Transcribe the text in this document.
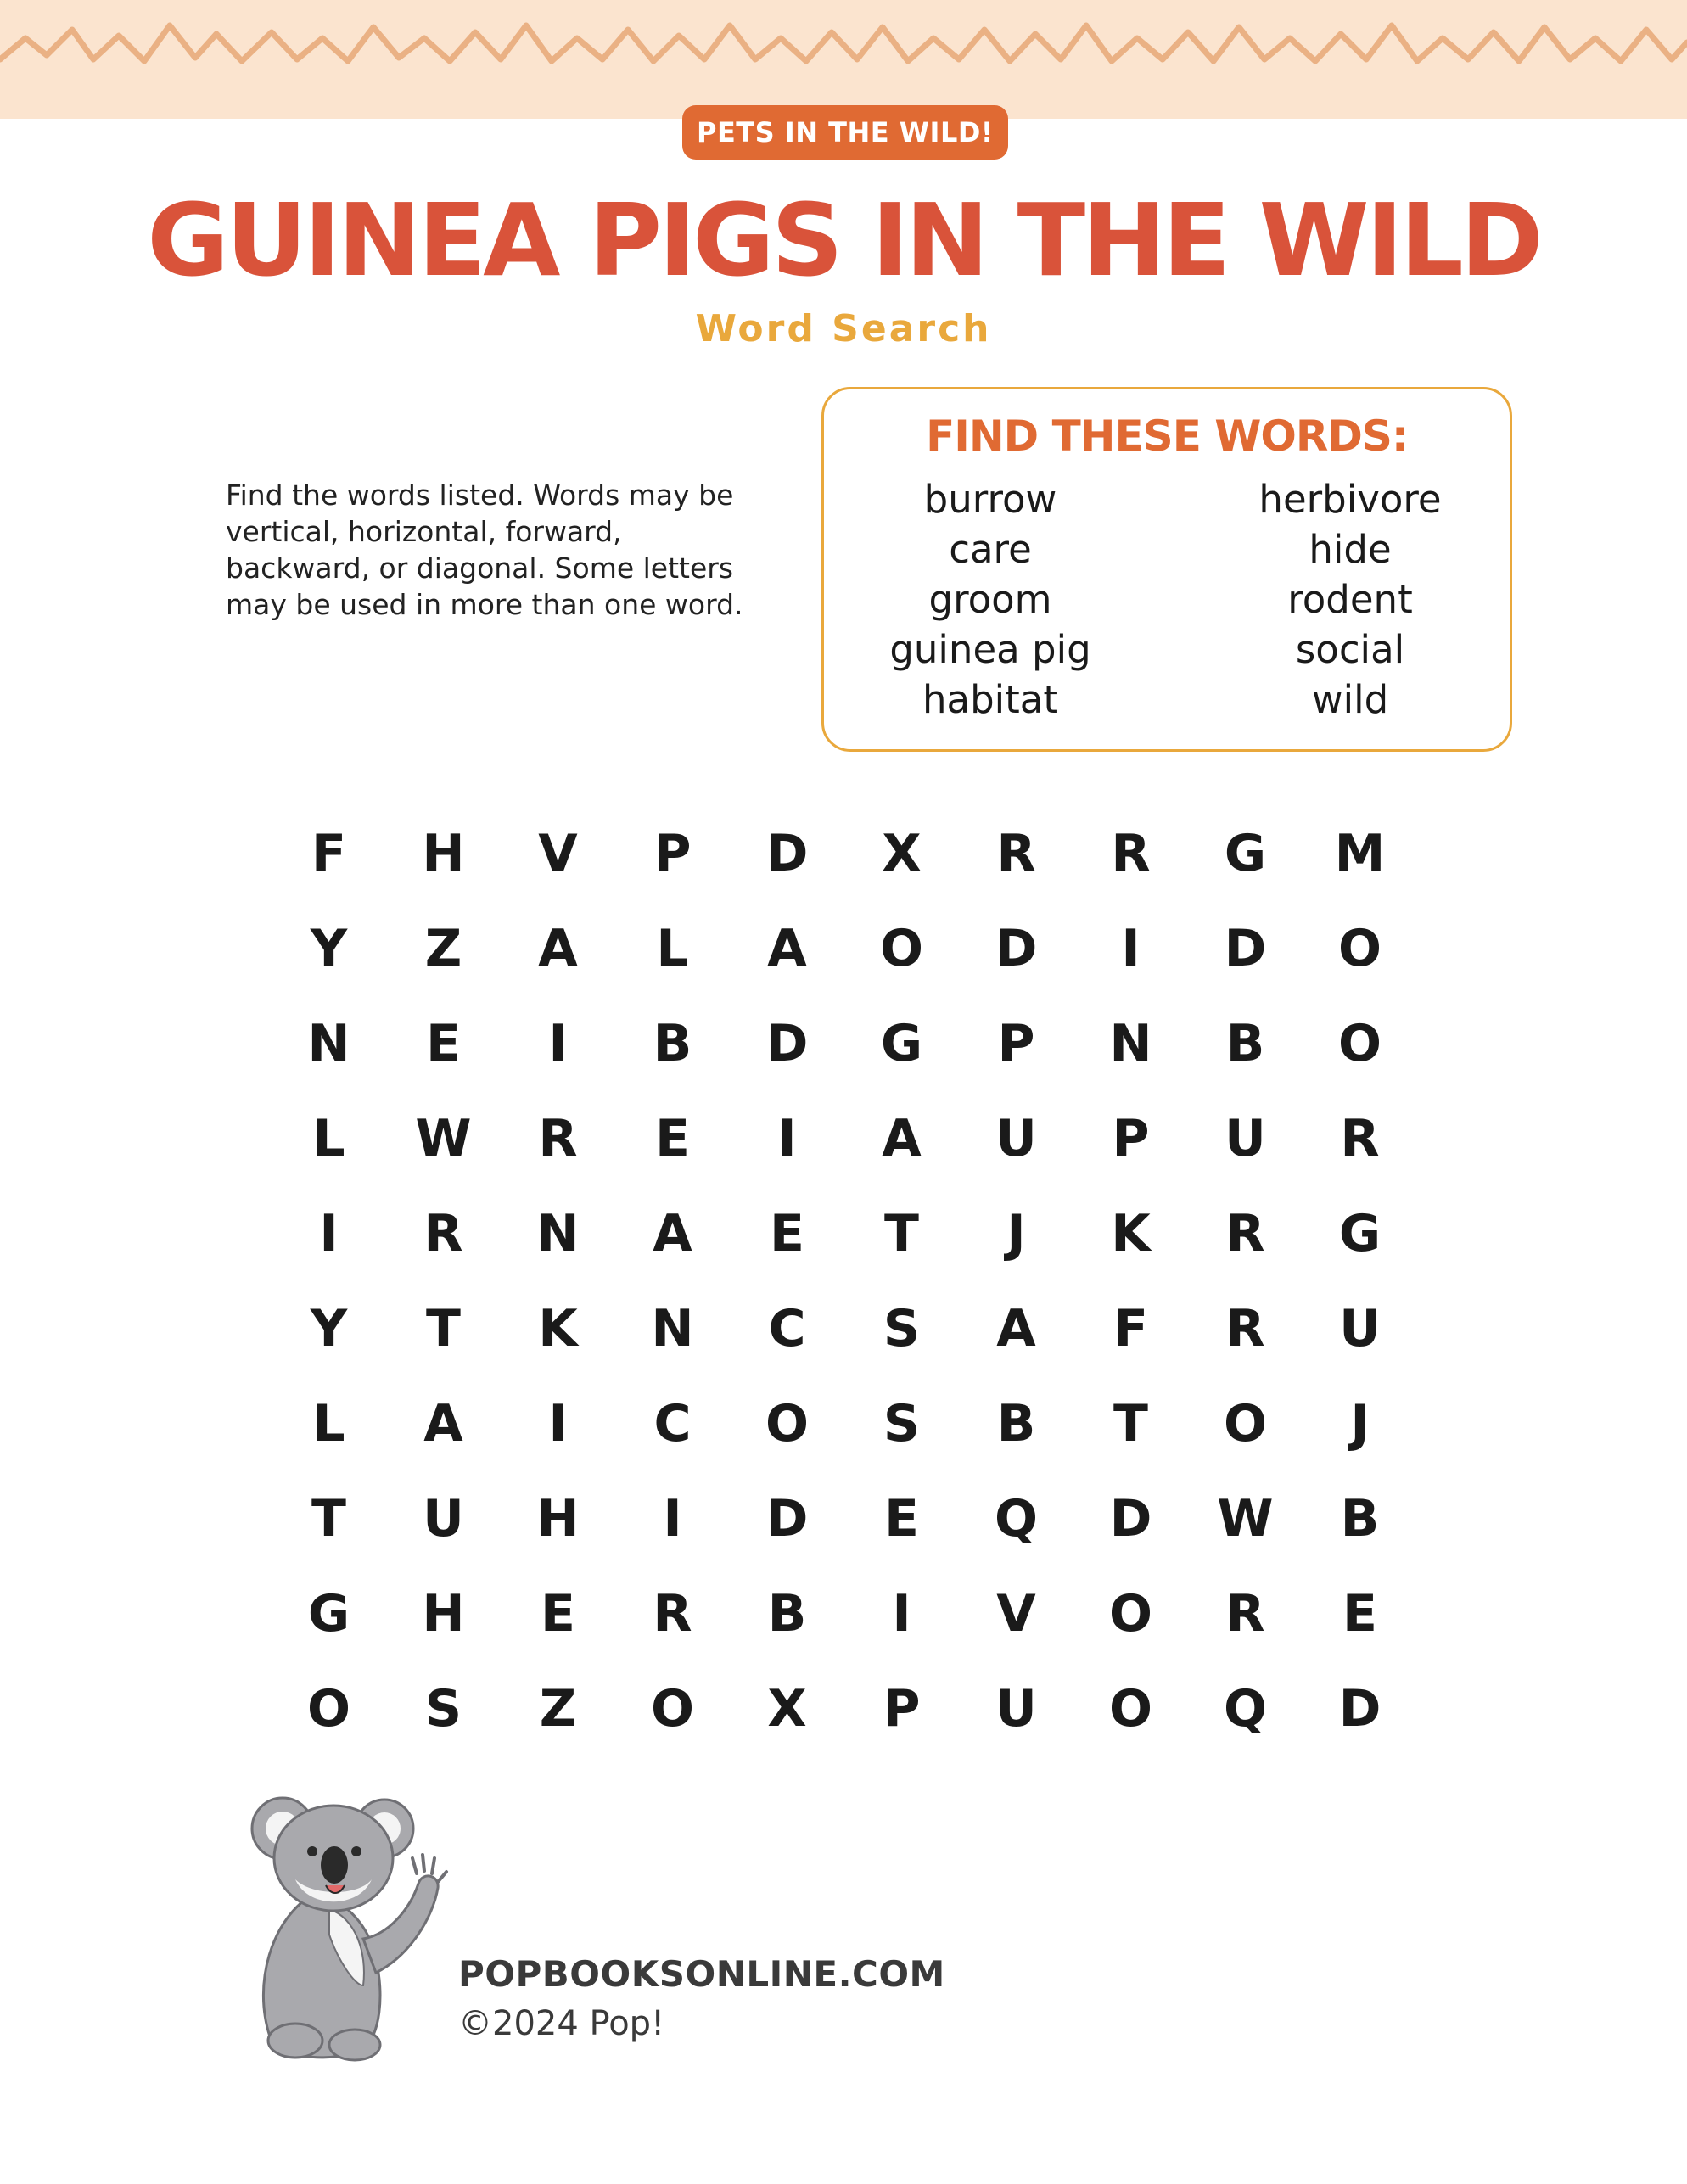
PETS IN THE WILD!
GUINEA PIGS IN THE WILD
Word Search
Find the words listed. Words may be vertical, horizontal, forward, backward, or diagonal. Some letters may be used in more than one word.
FIND THESE WORDS:
burrow
care
groom
guinea pig
habitat
herbivore
hide
rodent
social
wild
F	H	V	P	D	X	R	R	G	M
Y	Z	A	L	A	O	D	I	D	O
N	E	I	B	D	G	P	N	B	O
L	W	R	E	I	A	U	P	U	R
I	R	N	A	E	T	J	K	R	G
Y	T	K	N	C	S	A	F	R	U
L	A	I	C	O	S	B	T	O	J
T	U	H	I	D	E	Q	D	W	B
G	H	E	R	B	I	V	O	R	E
O	S	Z	O	X	P	U	O	Q	D
POPBOOKSONLINE.COM
©2024 Pop!
